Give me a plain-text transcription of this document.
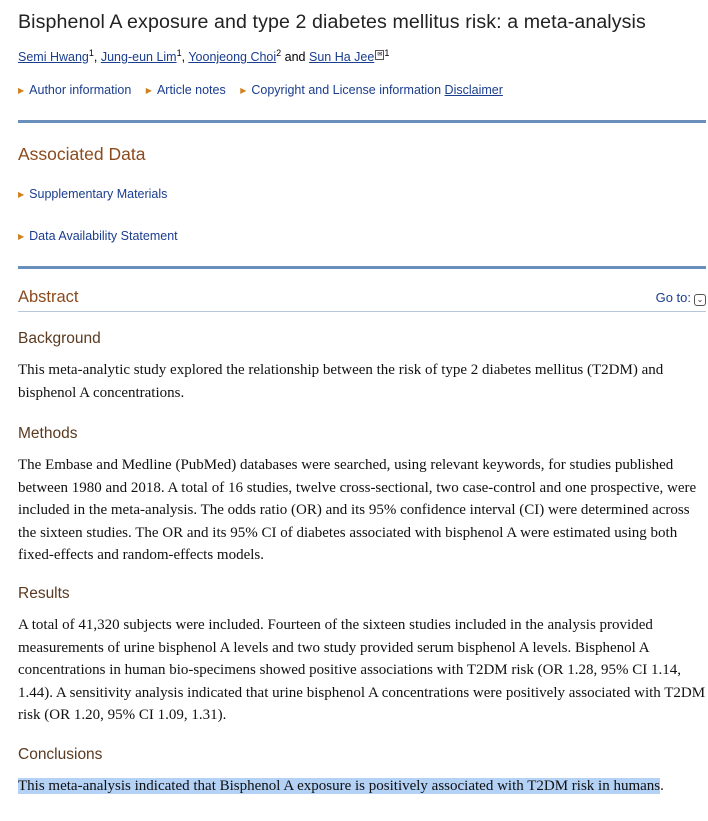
Bisphenol A exposure and type 2 diabetes mellitus risk: a meta-analysis
Semi Hwang$^1$, Jung-eun Lim$^1$, Yoonjeong Choi$^2$ and Sun Ha Jee ✉ $^1$
▶ Author information ▶ Article notes ▶ Copyright and License information Disclaimer
Associated Data
▶ Supplementary Materials
▶ Data Availability Statement
Abstract	Go to: ⌄
Background
This meta-analytic study explored the relationship between the risk of type 2 diabetes mellitus (T2DM) and bisphenol A concentrations.
Methods
The Embase and Medline (PubMed) databases were searched, using relevant keywords, for studies published between 1980 and 2018. A total of 16 studies, twelve cross-sectional, two case-control and one prospective, were included in the meta-analysis. The odds ratio (OR) and its 95% confidence interval (CI) were determined across the sixteen studies. The OR and its 95% CI of diabetes associated with bisphenol A were estimated using both fixed-effects and random-effects models.
Results
A total of 41,320 subjects were included. Fourteen of the sixteen studies included in the analysis provided measurements of urine bisphenol A levels and two study provided serum bisphenol A levels. Bisphenol A concentrations in human bio-specimens showed positive associations with T2DM risk (OR 1.28, 95% CI 1.14, 1.44). A sensitivity analysis indicated that urine bisphenol A concentrations were positively associated with T2DM risk (OR 1.20, 95% CI 1.09, 1.31).
Conclusions
This meta-analysis indicated that Bisphenol A exposure is positively associated with T2DM risk in humans.
